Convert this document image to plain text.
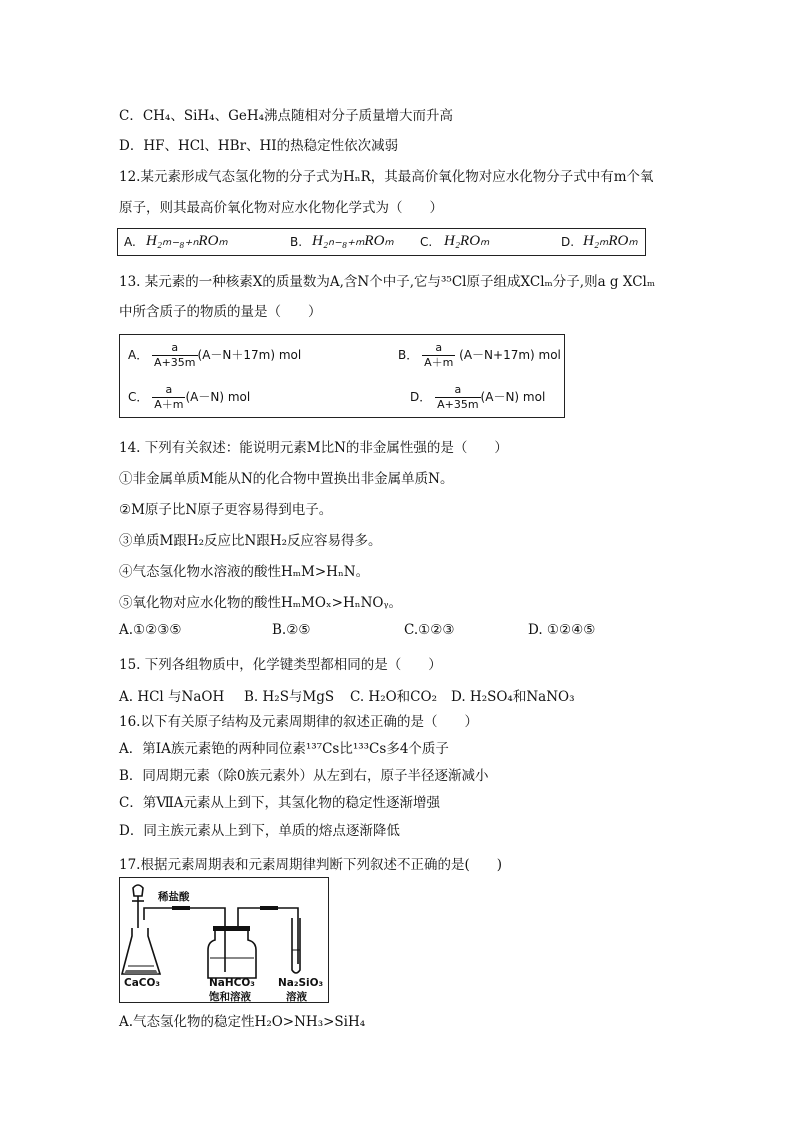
C．CH₄、SiH₄、GeH₄沸点随相对分子质量增大而升高
D．HF、HCl、HBr、HI的热稳定性依次减弱
12.某元素形成气态氢化物的分子式为HₙR，其最高价氧化物对应水化物分子式中有m个氧
原子，则其最高价氧化物对应水化物化学式为（　　）
A. H₂ₘ₋₈₊ₙROₘ	B. H₂ₙ₋₈₊ₘROₘ C. H₂ROₘ	D. H₂ₘROₘ
13. 某元素的一种核素X的质量数为A,含N个中子,它与³⁵Cl原子组成XClₘ分子,则a g XClₘ
中所含质子的物质的量是（　　）
A． $\frac{a}{A+35m} (A-N+17m)$ mol	B． $\frac{a}{A+m} (A-N+17m)$ mol
C． $\frac{a}{A+m} (A-N)$ mol	D． $\frac{a}{A+35m} (A-N)$ mol
14. 下列有关叙述：能说明元素M比N的非金属性强的是（　　）
①非金属单质M能从N的化合物中置换出非金属单质N。
②M原子比N原子更容易得到电子。
③单质M跟H₂反应比N跟H₂反应容易得多。
④气态氢化物水溶液的酸性HₘM>HₙN。
⑤氧化物对应水化物的酸性HₘMOₓ>HₙNOᵧ。
A.①②③⑤	B.②⑤	C.①②③	D. ①②④⑤
15. 下列各组物质中，化学键类型都相同的是（　　）
A. HCl 与NaOH B. H₂S与MgS C. H₂O和CO₂ D. H₂SO₄和NaNO₃
16.以下有关原子结构及元素周期律的叙述正确的是（　　）
A．第IA族元素铯的两种同位素¹³⁷Cs比¹³³Cs多4个质子
B．同周期元素（除0族元素外）从左到右，原子半径逐渐减小
C．第ⅦA元素从上到下，其氢化物的稳定性逐渐增强
D．同主族元素从上到下，单质的熔点逐渐降低
17.根据元素周期表和元素周期律判断下列叙述不正确的是(　　)
稀盐酸
CaCO₃	NaHCO₃
饱和溶液
Na₂SiO₃
溶液
A.气态氢化物的稳定性H₂O>NH₃>SiH₄
